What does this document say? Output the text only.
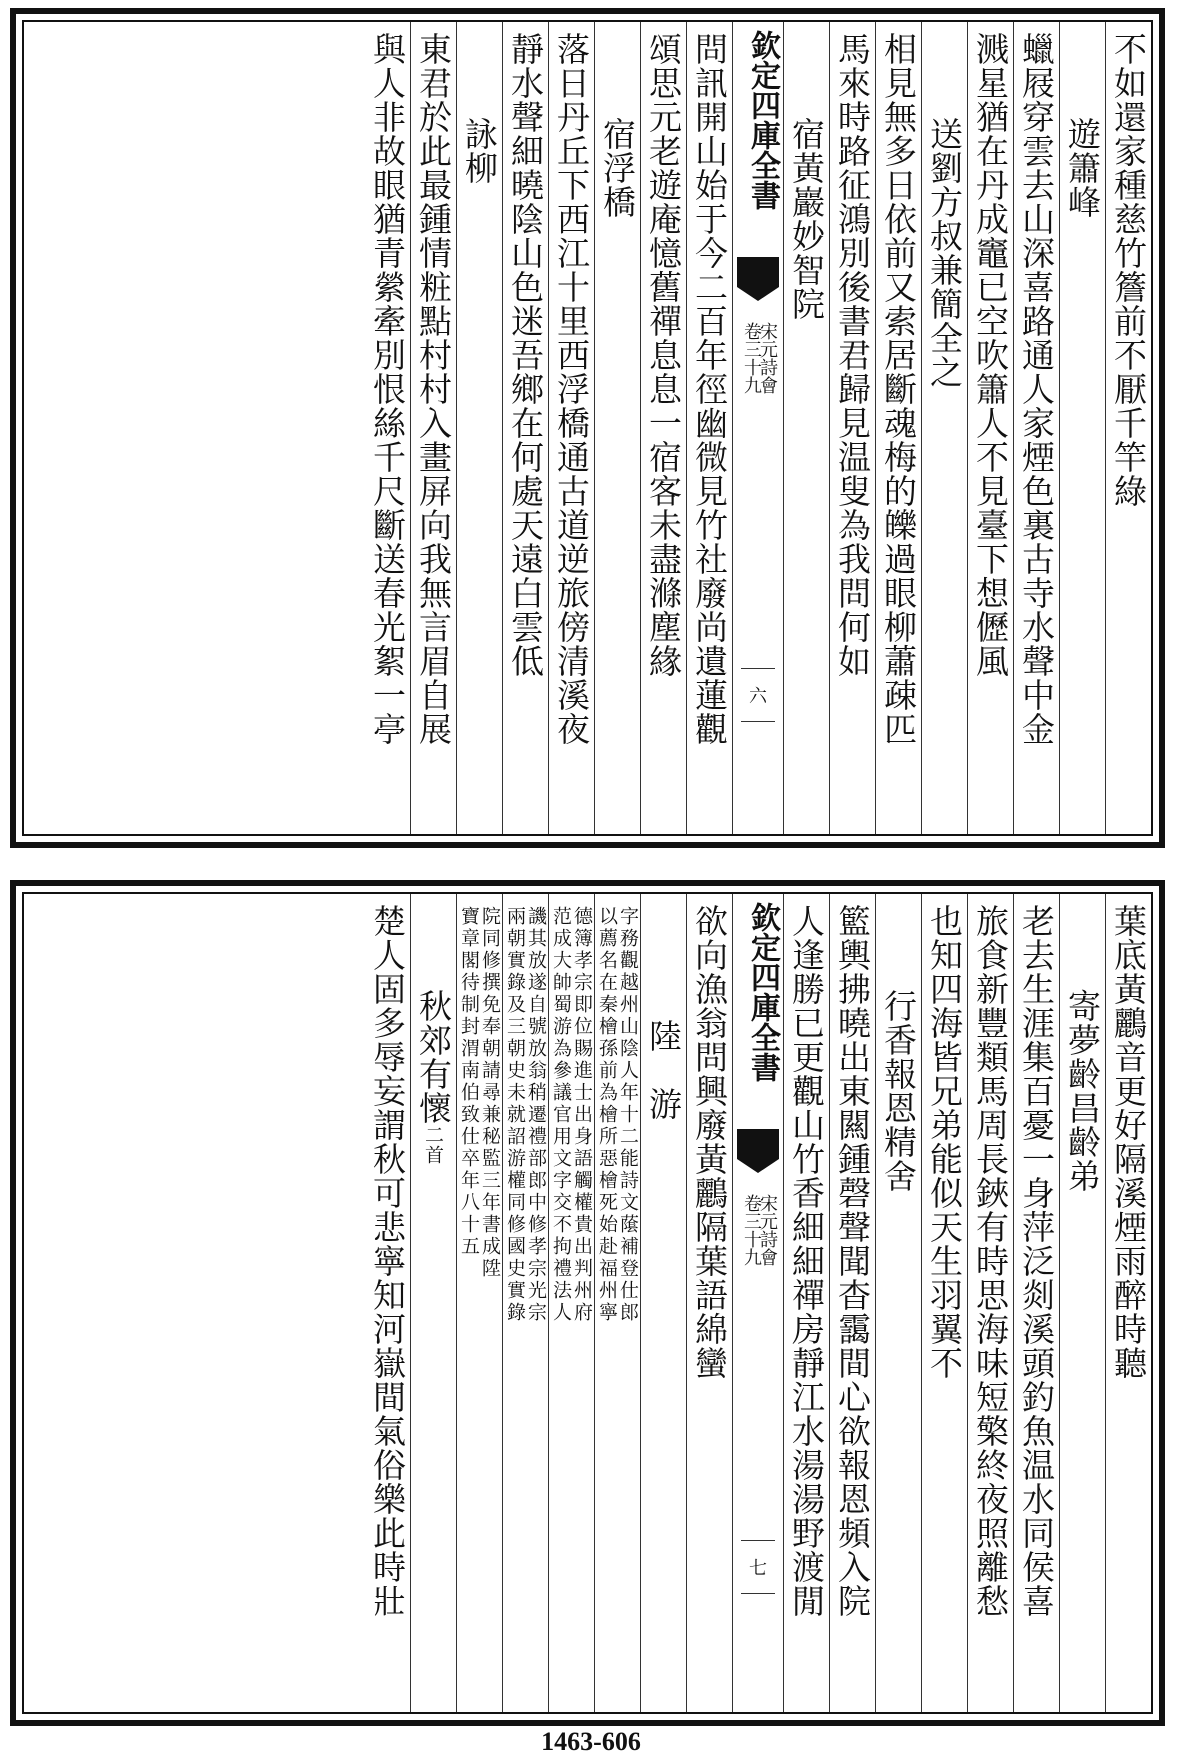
不如還家種慈竹簷前不厭千竿綠
遊簫峰
蠟屐穿雲去山深喜路通人家煙色裏古寺水聲中金
溅星猶在丹成竈已空吹簫人不見臺下想儮風
送劉方叔兼簡全之
相見無多日依前又索居斷魂梅的皪過眼柳蕭疎匹
馬來時路征鴻別後書君歸見温叟為我問何如
宿黃巖妙智院
欽定四庫全書
宋元詩會
卷三十九
六
問訊開山始于今二百年徑幽微見竹社廢尚遺蓮觀
頌思元老遊庵憶舊禪息息一宿客未盡滌塵緣
宿浮橋
落日丹丘下西江十里西浮橋通古道逆旅傍清溪夜
靜水聲細曉陰山色迷吾鄉在何處天遠白雲低
詠柳
東君於此最鍾情粧點村村入畫屏向我無言眉自展
與人非故眼猶青縈牽別恨絲千尺斷送春光絮一亭
葉底黃鸝音更好隔溪煙雨醉時聽
寄夢齡昌齡弟
老去生涯集百憂一身萍泛剡溪頭釣魚温水同侯喜
旅食新豐類馬周長鋏有時思海味短檠終夜照離愁
也知四海皆兄弟能似天生羽翼不
行香報恩精舍
籃輿拂曉出東闗鍾磬聲聞杳靄間心欲報恩頻入院
人逢勝已更觀山竹香細細禪房靜江水湯湯野渡閒
欽定四庫全書
宋元詩會
卷三十九
七
欲向漁翁問興廢黃鸝隔葉語綿蠻
陸　游
字務觀越州山陰人年十二能詩文䕃補登仕郎
以薦名在秦檜孫前為檜所惡檜死始赴福州寧
德簿孝宗即位賜進士出身語觸權貴出判州府
范成大帥蜀游為參議官用文字交不拘禮法人
譏其放遂自號放翁稍遷禮部郎中修孝宗光宗
兩朝實錄及三朝史未就詔游權同修國史實錄
院同修撰免奉朝請尋兼秘監三年書成陞
寶章閣待制封渭南伯致仕卒年八十五
秋郊有懷二首
楚人固多辱妄謂秋可悲寧知河嶽間氣俗樂此時壯
1463-606
